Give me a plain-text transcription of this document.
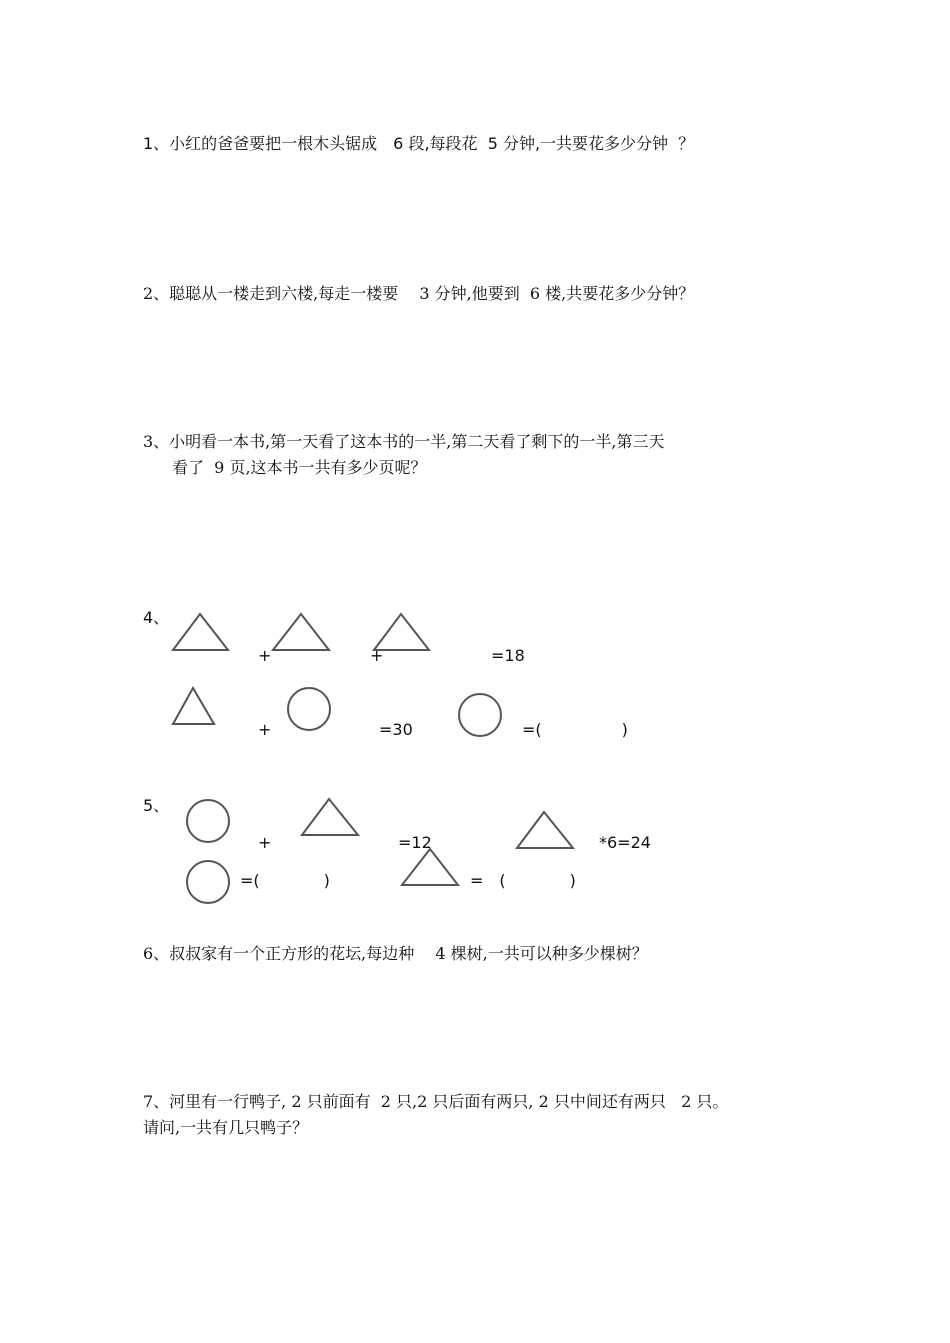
1、小红的爸爸要把一根木头锯成　6 段,每段花  5 分钟,一共要花多少分钟  ？
2、聪聪从一楼走到六楼,每走一楼要　 3 分钟,他要到  6 楼,共要花多少分钟？
3、小明看一本书,第一天看了这本书的一半,第二天看了剩下的一半,第三天
看了  9 页,这本书一共有多少页呢？
4、
+	+	=18
+	=30	=(　　　　　)
5、
+	=12	*6=24
=(　　　　)	=　(　　　　)
6、叔叔家有一个正方形的花坛,每边种　 4 棵树,一共可以种多少棵树？
7、河里有一行鸭子, 2 只前面有  2 只,2 只后面有两只, 2 只中间还有两只   2 只。
请问,一共有几只鸭子？
